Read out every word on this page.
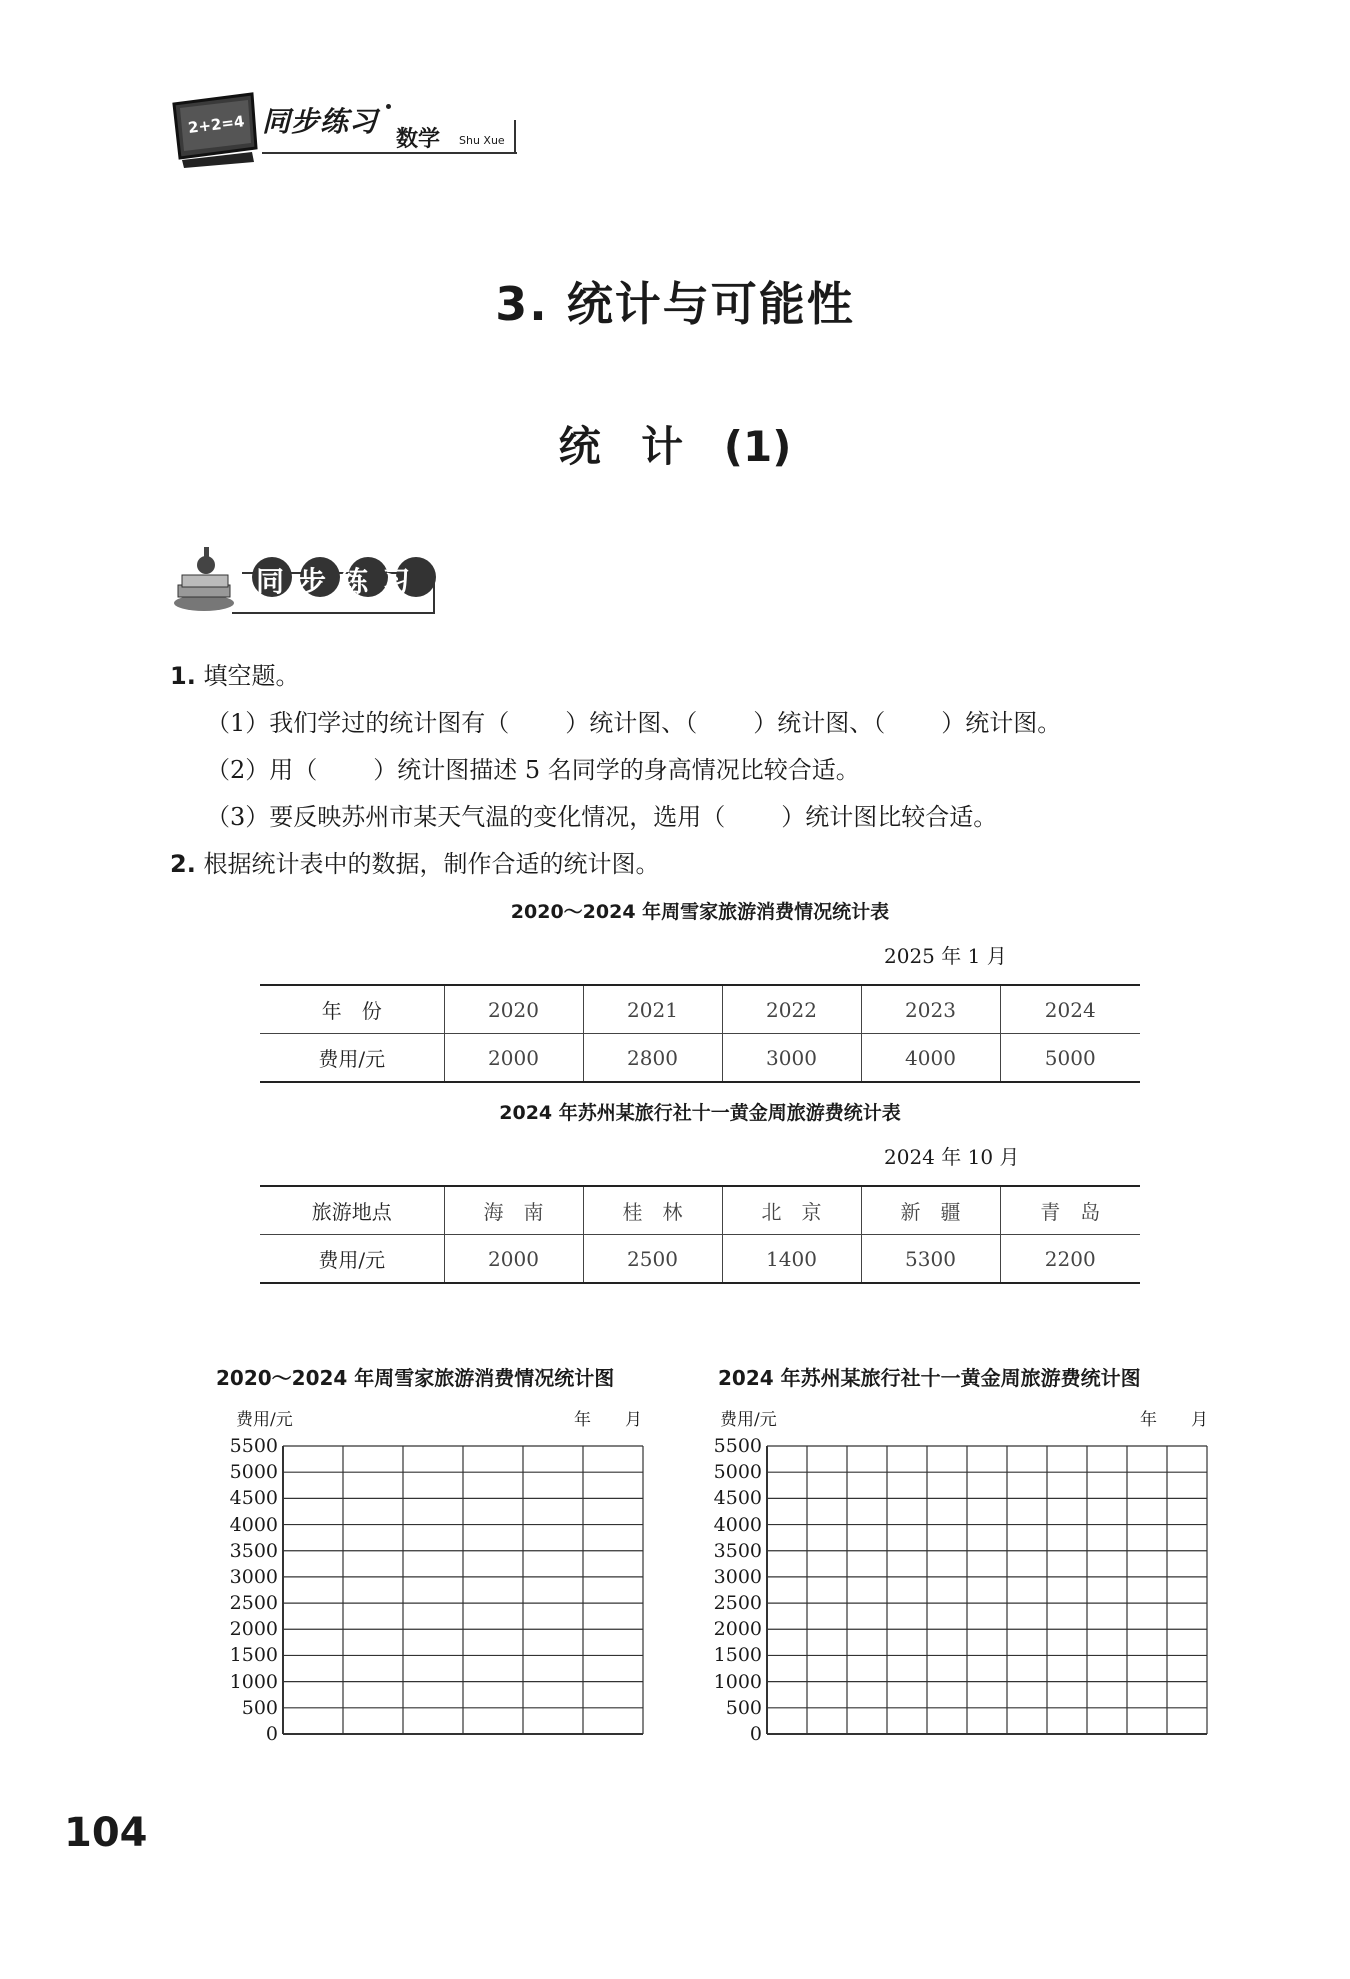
2+2=4 同步练习
数学 Shu Xue
3. 统计与可能性
统 计 (1)
同步练习
1. 填空题。
（1）我们学过的统计图有（ ）统计图、（ ）统计图、（ ）统计图。
（2）用（ ）统计图描述 5 名同学的身高情况比较合适。
（3）要反映苏州市某天气温的变化情况，选用（ ）统计图比较合适。
2. 根据统计表中的数据，制作合适的统计图。
2020～2024 年周雪家旅游消费情况统计表
2025 年 1 月
年　份	2020	2021	2022	2023	2024
费用/元	2000	2800	3000	4000	5000
2024 年苏州某旅行社十一黄金周旅游费统计表
2024 年 10 月
旅游地点	海　南	桂　林	北　京	新　疆	青　岛
费用/元	2000	2500	1400	5300	2200
2020～2024 年周雪家旅游消费情况统计图
费用/元	年　　月
5500
5000
4500
4000
3500
3000
2500
2000
1500
1000
500
0
2024 年苏州某旅行社十一黄金周旅游费统计图
费用/元	年　　月
5500
5000
4500
4000
3500
3000
2500
2000
1500
1000
500
0
104
